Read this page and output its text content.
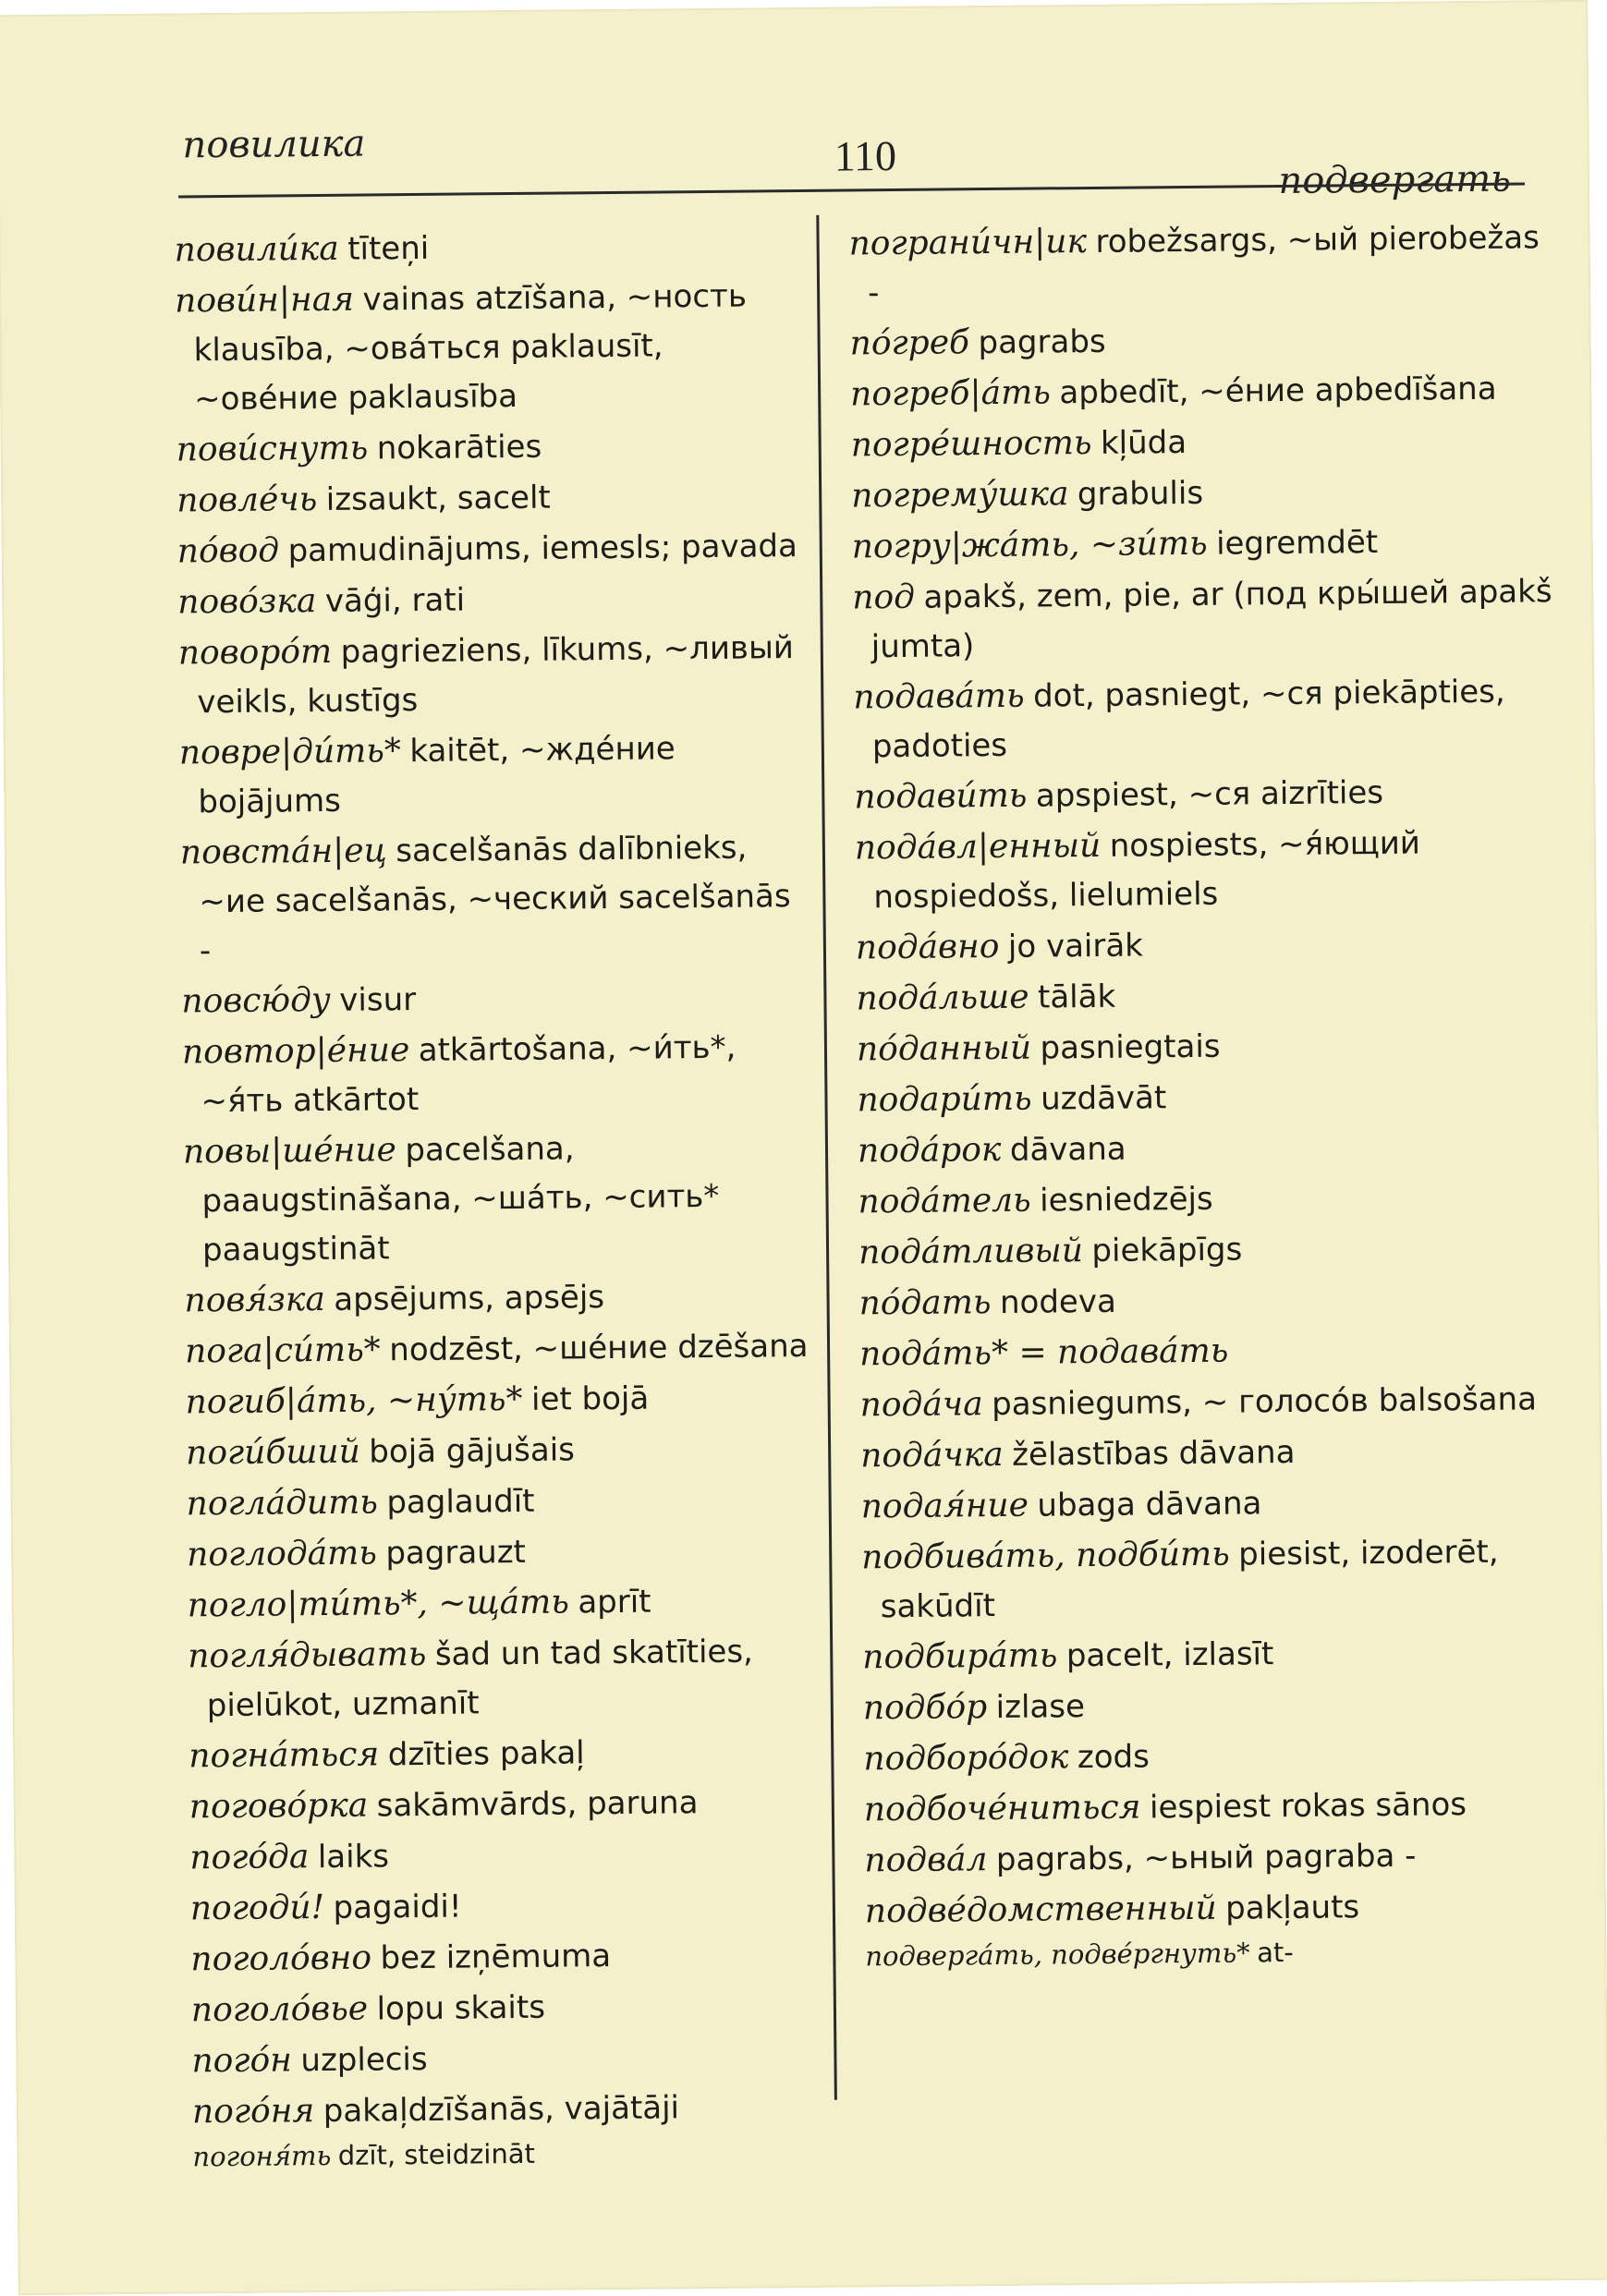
повилика	110
подвергать
повили́ка tīteņi
пови́н|ная vainas atzīšana, ~ность klausība, ~ова́ться paklausīt, ~ове́ние paklausība
пови́снуть nokarāties
повле́чь izsaukt, sacelt
по́вод pamudinājums, iemesls; pavada
пово́зка vāģi, rati
поворо́т pagrieziens, līkums, ~ливый veikls, kustīgs
повре|ди́ть* kaitēt, ~жде́ние bojājums
повста́н|ец sacelšanās dalībnieks, ~ие sacelšanās, ~ческий sacelšanās -
повсю́ду visur
повтор|е́ние atkārtošana, ~и́ть*, ~я́ть atkārtot
повы|ше́ние pacelšana, paaugstināšana, ~ша́ть, ~сить* paaugstināt
повя́зка apsējums, apsējs
пога|си́ть* nodzēst, ~ше́ние dzēšana
погиб|а́ть, ~ну́ть* iet bojā
поги́бший bojā gājušais
погла́дить paglaudīt
поглода́ть pagrauzt
погло|ти́ть*, ~ща́ть aprīt
погля́дывать šad un tad skatīties, pielūkot, uzmanīt
погна́ться dzīties pakaļ
погово́рка sakāmvārds, paruna
пого́да laiks
погоди́! pagaidi!
поголо́вно bez izņēmuma
поголо́вье lopu skaits
пого́н uzplecis
пого́ня pakaļdzīšanās, vajātāji
погоня́ть dzīt, steidzināt
пограни́чн|ик robežsargs, ~ый pierobežas -
по́греб pagrabs
погреб|а́ть apbedīt, ~е́ние apbedīšana
погре́шность kļūda
погрему́шка grabulis
погру|жа́ть, ~зи́ть iegremdēt
под apakš, zem, pie, ar (под кры́шей apakš jumta)
подава́ть dot, pasniegt, ~ся piekāpties, padoties
подави́ть apspiest, ~ся aizrīties
пода́вл|енный nospiests, ~я́ющий nospiedošs, lielumiels
пода́вно jo vairāk
пода́льше tālāk
по́данный pasniegtais
подари́ть uzdāvāt
пода́рок dāvana
пода́тель iesniedzējs
пода́тливый piekāpīgs
по́дать nodeva
пода́ть* = подава́ть
пода́ча pasniegums, ~ голосо́в balsošana
пода́чка žēlastības dāvana
подая́ние ubaga dāvana
подбива́ть, подби́ть piesist, izoderēt, sakūdīt
подбира́ть pacelt, izlasīt
подбо́р izlase
подборо́док zods
подбоче́ниться iespiest rokas sānos
подва́л pagrabs, ~ьный pagraba -
подве́домственный pakļauts
подверга́ть, подве́ргнуть* at-
